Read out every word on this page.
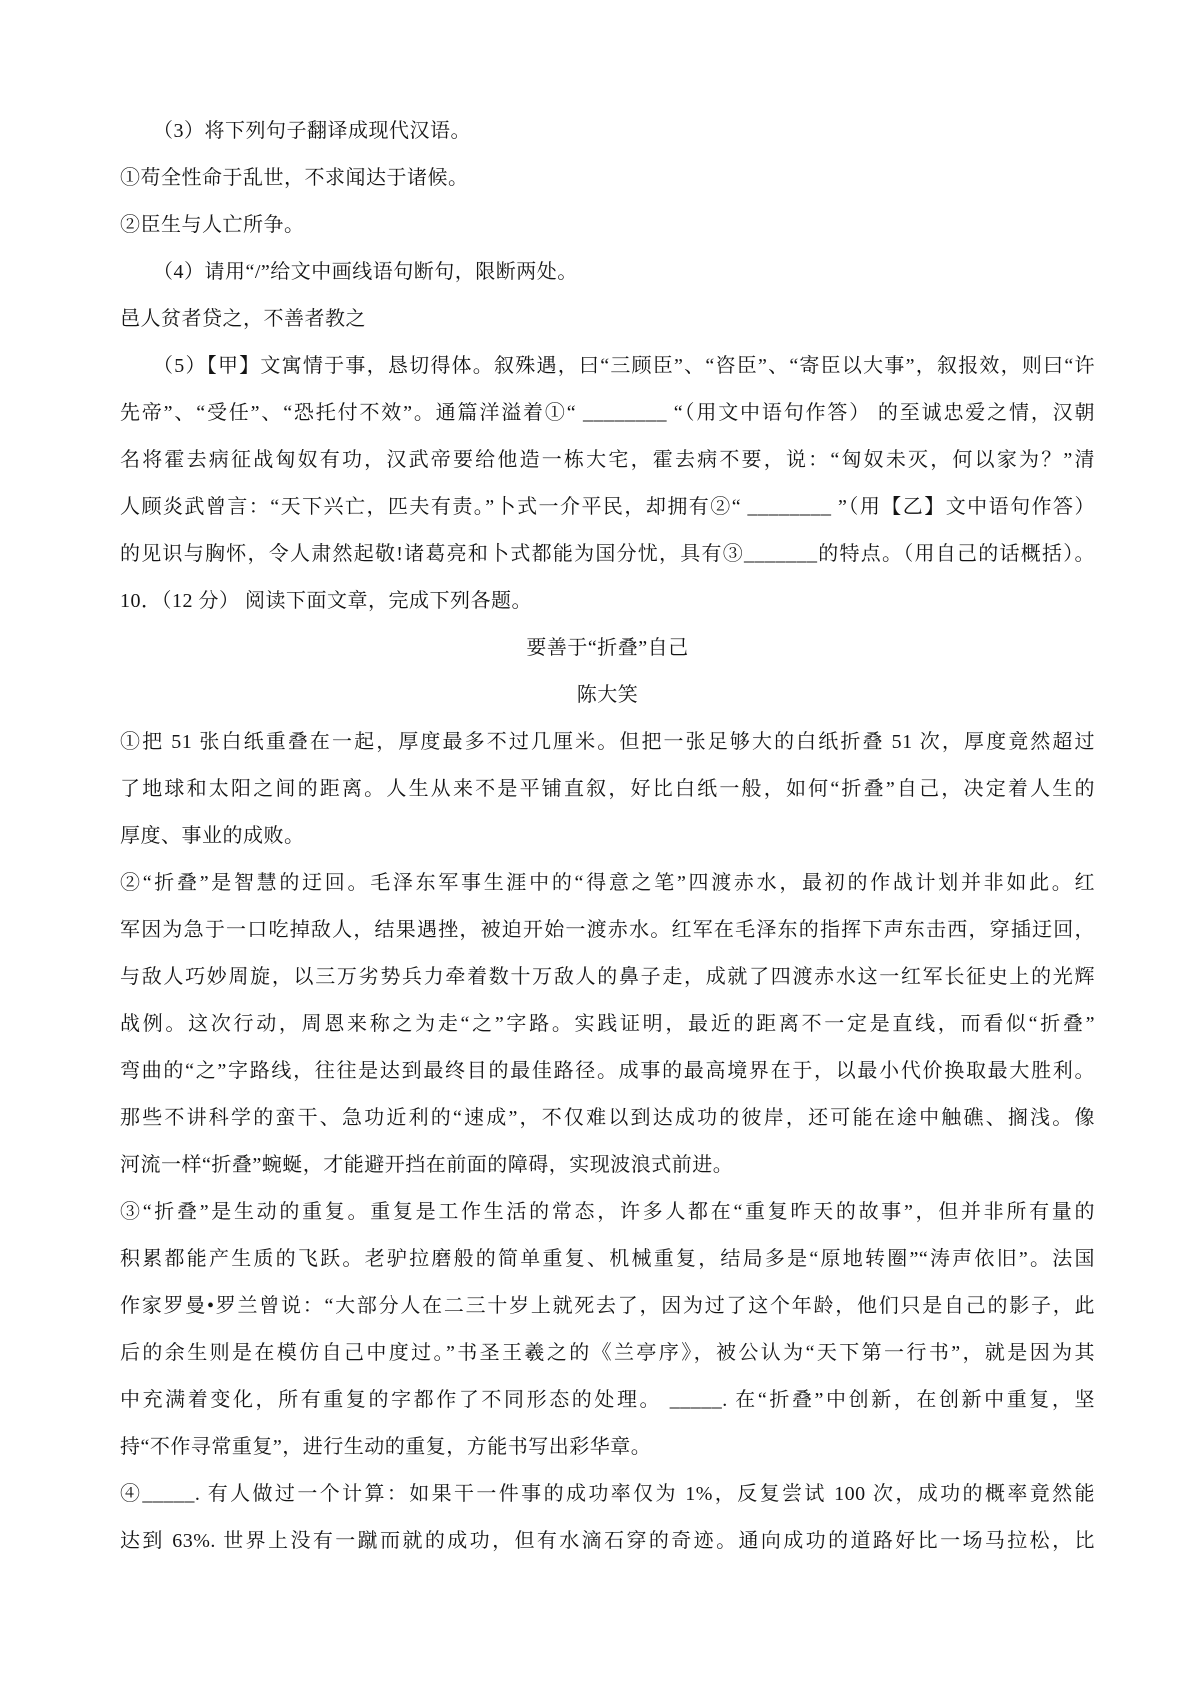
（3）将下列句子翻译成现代汉语。
①苟全性命于乱世，不求闻达于诸候。
②臣生与人亡所争。
（4）请用“/”给文中画线语句断句，限断两处。
邑人贫者贷之，不善者教之
（5）【甲】文寓情于事，恳切得体。叙殊遇，曰“三顾臣”、“咨臣”、“寄臣以大事”，叙报效，则曰“许
先帝”、“受任”、“恐托付不效”。通篇洋溢着①“ ________ “（用文中语句作答） 的至诚忠爱之情，汉朝
名将霍去病征战匈奴有功，汉武帝要给他造一栋大宅，霍去病不要，说：“匈奴未灭，何以家为？”清
人顾炎武曾言：“天下兴亡，匹夫有责。”卜式一介平民，却拥有②“ ________ ”（用【乙】文中语句作答）
的见识与胸怀，令人肃然起敬!诸葛亮和卜式都能为国分忧，具有③_______的特点。（用自己的话概括）。
10．（12 分） 阅读下面文章，完成下列各题。
要善于“折叠”自己
陈大笑
①把 51 张白纸重叠在一起，厚度最多不过几厘米。但把一张足够大的白纸折叠 51 次，厚度竟然超过
了地球和太阳之间的距离。人生从来不是平铺直叙，好比白纸一般，如何“折叠”自己，决定着人生的
厚度、事业的成败。
②“折叠”是智慧的迂回。毛泽东军事生涯中的“得意之笔”四渡赤水，最初的作战计划并非如此。红
军因为急于一口吃掉敌人，结果遇挫，被迫开始一渡赤水。红军在毛泽东的指挥下声东击西，穿插迂回，
与敌人巧妙周旋，以三万劣势兵力牵着数十万敌人的鼻子走，成就了四渡赤水这一红军长征史上的光辉
战例。这次行动，周恩来称之为走“之”字路。实践证明，最近的距离不一定是直线，而看似“折叠”
弯曲的“之”字路线，往往是达到最终目的最佳路径。成事的最高境界在于，以最小代价换取最大胜利。
那些不讲科学的蛮干、急功近利的“速成”，不仅难以到达成功的彼岸，还可能在途中触礁、搁浅。像
河流一样“折叠”蜿蜒，才能避开挡在前面的障碍，实现波浪式前进。
③“折叠”是生动的重复。重复是工作生活的常态，许多人都在“重复昨天的故事”，但并非所有量的
积累都能产生质的飞跃。老驴拉磨般的简单重复、机械重复，结局多是“原地转圈”“涛声依旧”。法国
作家罗曼•罗兰曾说：“大部分人在二三十岁上就死去了，因为过了这个年龄，他们只是自己的影子，此
后的余生则是在模仿自己中度过。”书圣王羲之的《兰亭序》，被公认为“天下第一行书”，就是因为其
中充满着变化，所有重复的字都作了不同形态的处理。 _____. 在“折叠”中创新，在创新中重复，坚
持“不作寻常重复”，进行生动的重复，方能书写出彩华章。
④_____. 有人做过一个计算：如果干一件事的成功率仅为 1%，反复尝试 100 次，成功的概率竟然能
达到 63%. 世界上没有一蹴而就的成功，但有水滴石穿的奇迹。通向成功的道路好比一场马拉松，比
